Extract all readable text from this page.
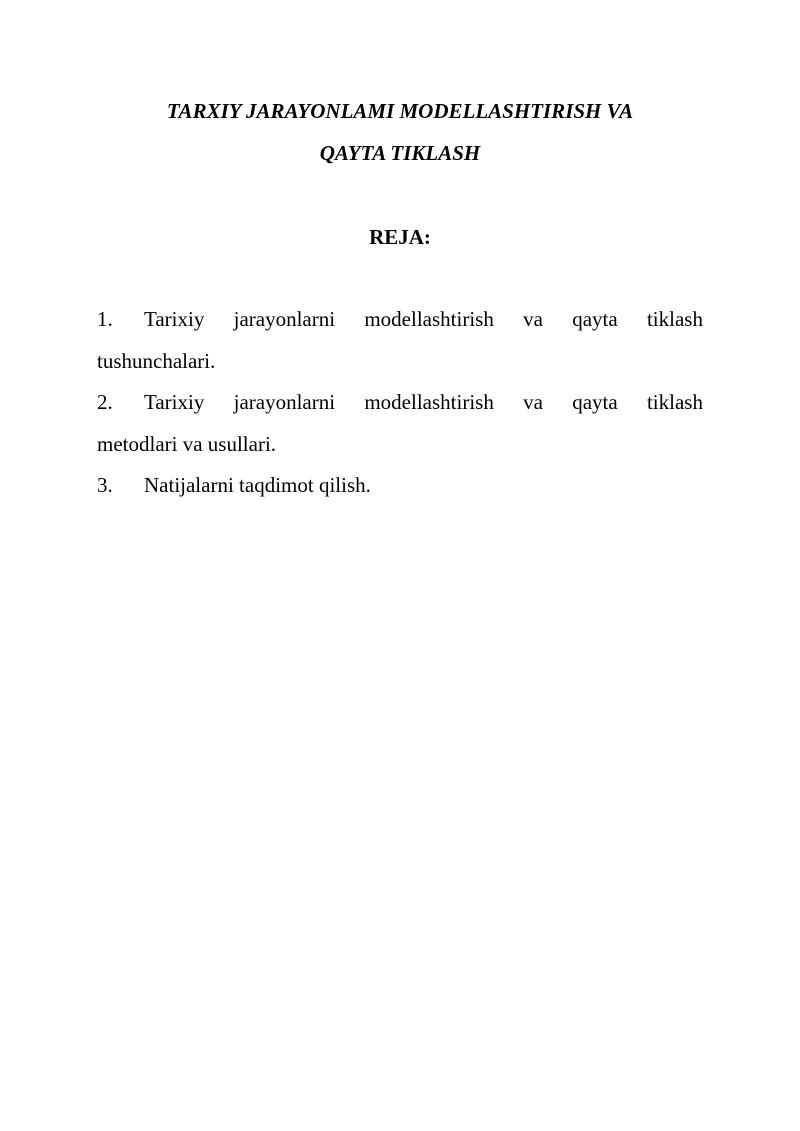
TARXIY JARAYONLAMI MODELLASHTIRISH VA
QAYTA TIKLASH
REJA:
1.	Tarixiy jarayonlarni modellashtirish va qayta tiklash
tushunchalari.
2.	Tarixiy jarayonlarni modellashtirish va qayta tiklash
metodlari va usullari.
3. Natijalarni taqdimot qilish.
